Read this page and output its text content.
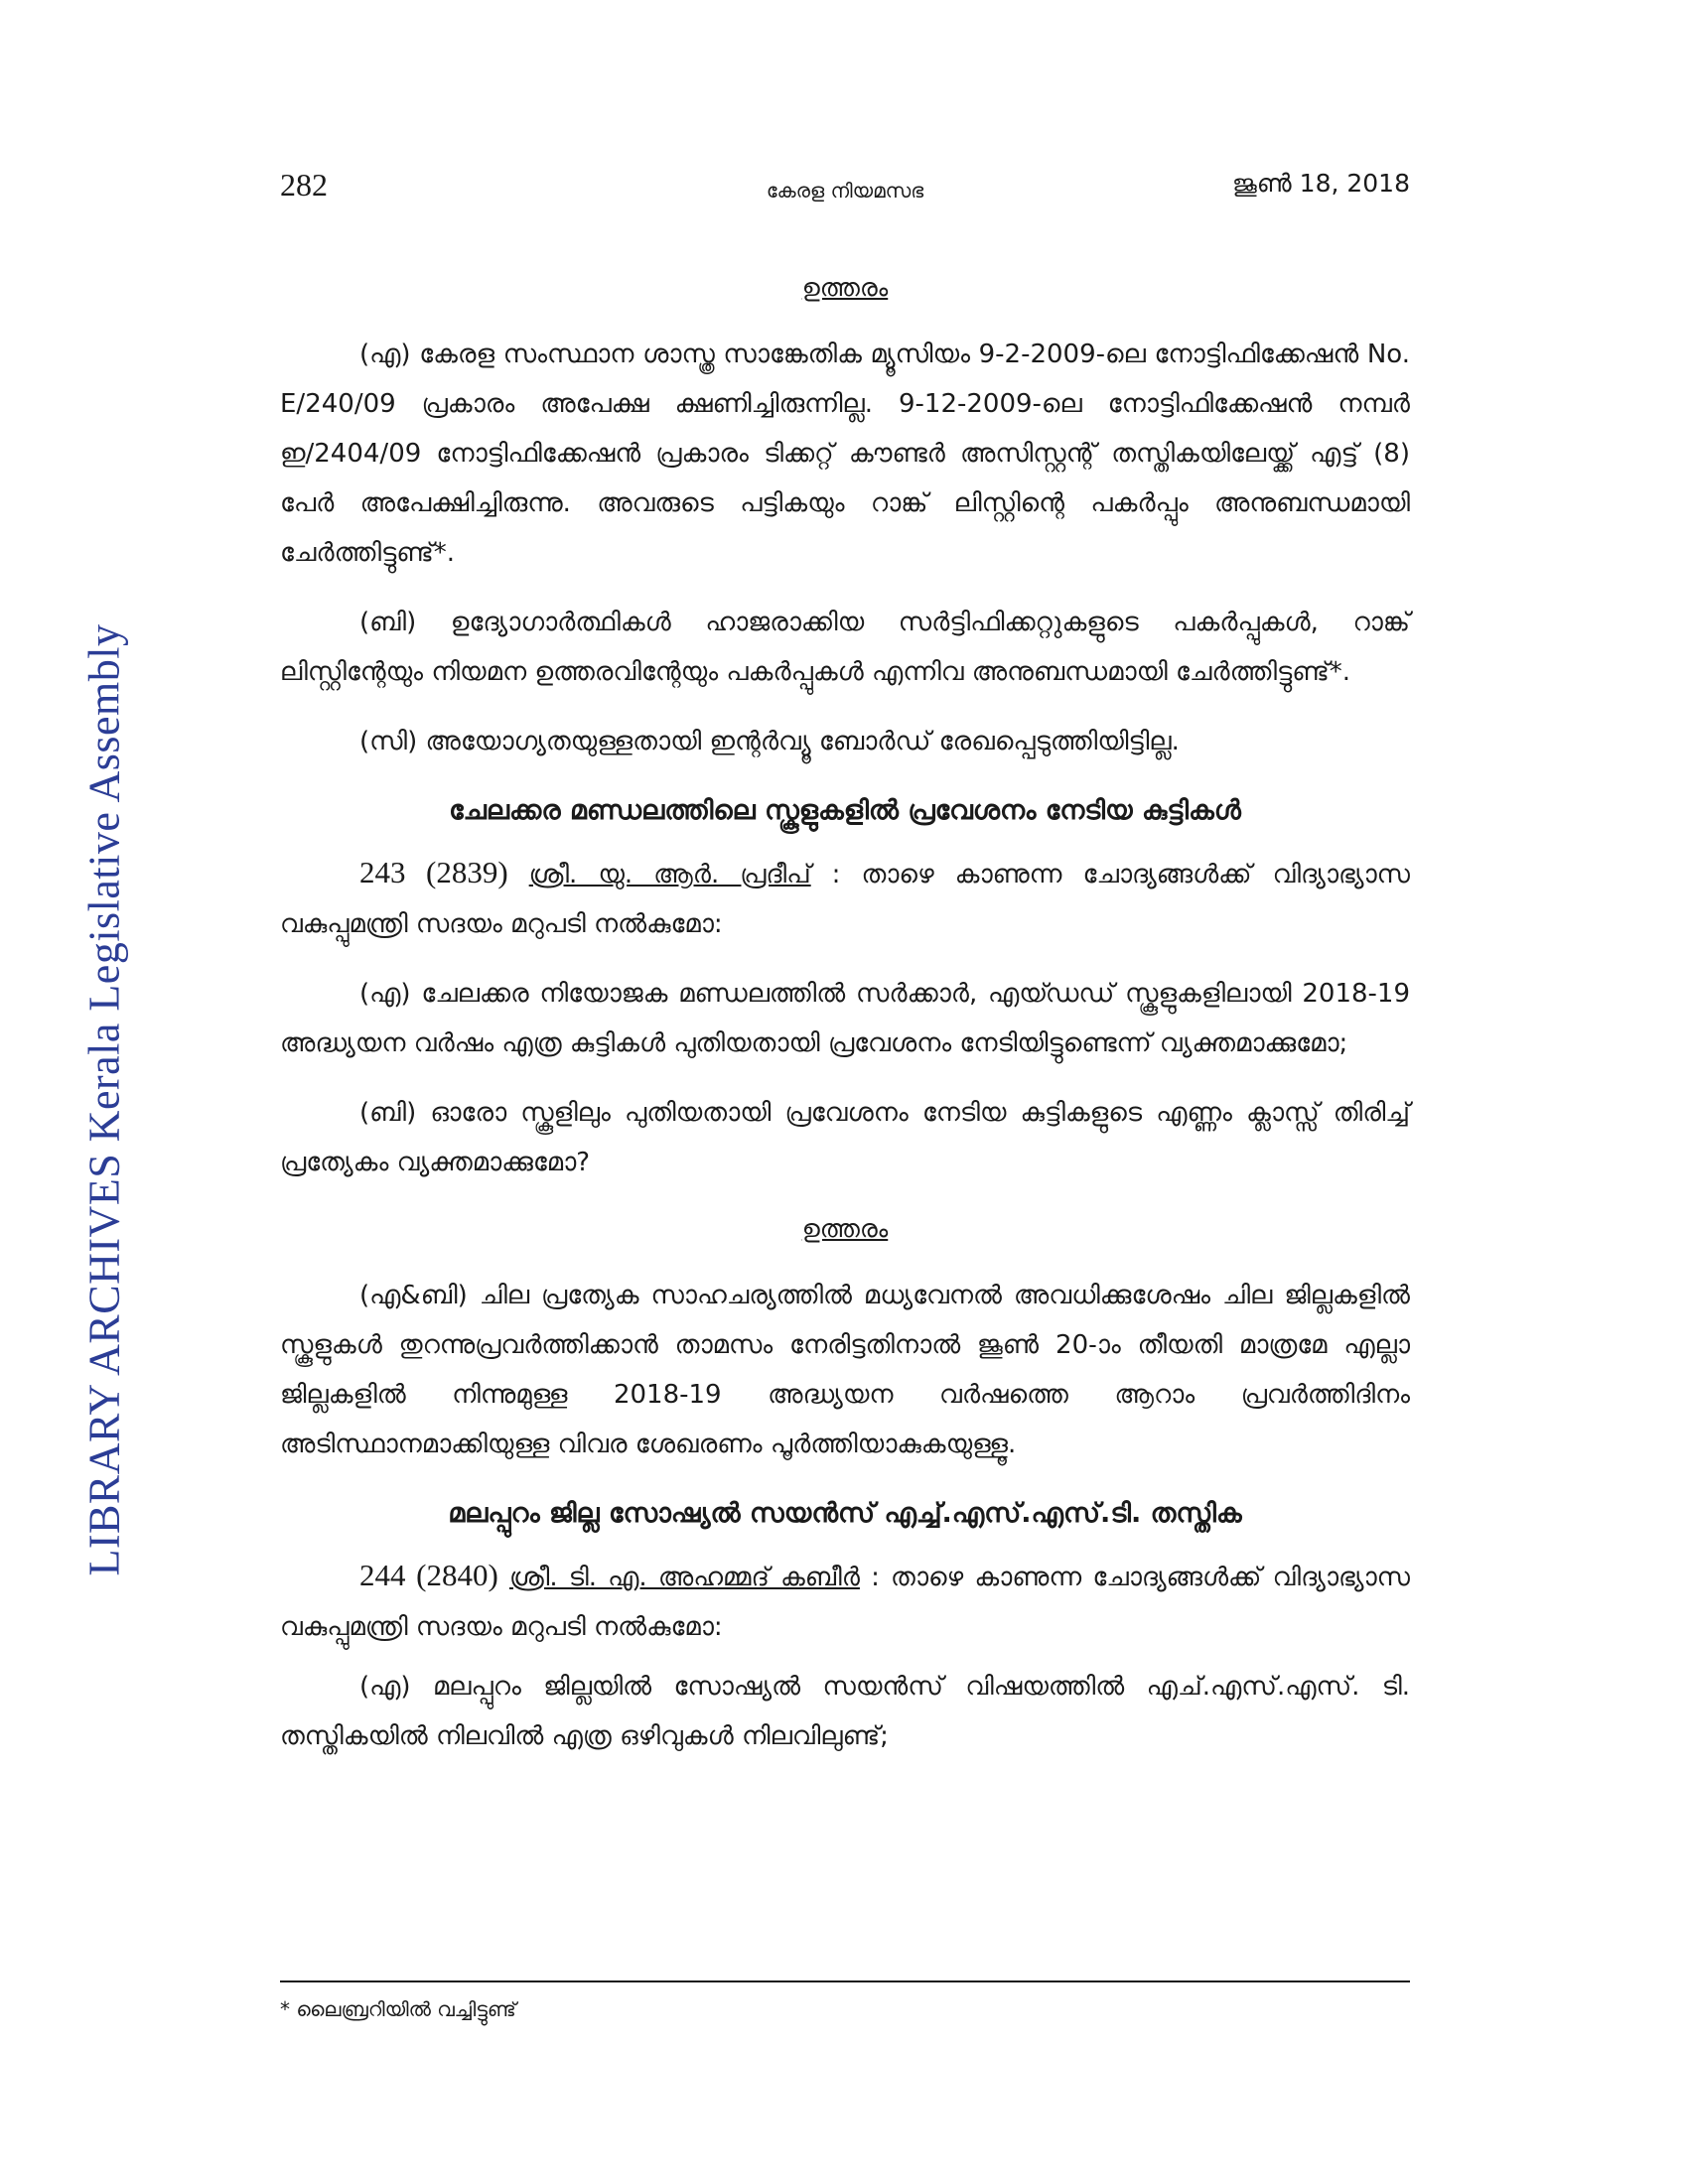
LIBRARY ARCHIVES Kerala Legislative Assembly
282	കേരള നിയമസഭ	ജൂൺ 18, 2018
ഉത്തരം

(എ) കേരള സംസ്ഥാന ശാസ്ത്ര സാങ്കേതിക മ്യൂസിയം 9-2-2009-ലെ നോട്ടിഫിക്കേഷൻ No. E/240/09 പ്രകാരം അപേക്ഷ ക്ഷണിച്ചിരുന്നില്ല. 9-12-2009-ലെ നോട്ടിഫിക്കേഷൻ നമ്പർ ഇ/2404/09 നോട്ടിഫിക്കേഷൻ പ്രകാരം ടിക്കറ്റ് കൗണ്ടർ അസിസ്റ്റന്റ് തസ്തികയിലേയ്ക്ക് എട്ട് (8) പേർ അപേക്ഷിച്ചിരുന്നു. അവരുടെ പട്ടികയും റാങ്ക് ലിസ്റ്റിന്റെ പകർപ്പും അനുബന്ധമായി ചേർത്തിട്ടുണ്ട്*.

(ബി) ഉദ്യോഗാർത്ഥികൾ ഹാജരാക്കിയ സർട്ടിഫിക്കറ്റുകളുടെ പകർപ്പുകൾ, റാങ്ക് ലിസ്റ്റിന്റേയും നിയമന ഉത്തരവിന്റേയും പകർപ്പുകൾ എന്നിവ അനുബന്ധമായി ചേർത്തിട്ടുണ്ട്*.

(സി) അയോഗ്യതയുള്ളതായി ഇന്റർവ്യൂ ബോർഡ് രേഖപ്പെടുത്തിയിട്ടില്ല.

ചേലക്കര മണ്ഡലത്തിലെ സ്കൂളുകളിൽ പ്രവേശനം നേടിയ കുട്ടികൾ

243 (2839) ശ്രീ. യു. ആർ. പ്രദീപ് : താഴെ കാണുന്ന ചോദ്യങ്ങൾക്ക് വിദ്യാഭ്യാസ വകുപ്പുമന്ത്രി സദയം മറുപടി നൽകുമോ:

(എ) ചേലക്കര നിയോജക മണ്ഡലത്തിൽ സർക്കാർ, എയ്ഡഡ് സ്കൂളുകളിലായി 2018-19 അദ്ധ്യയന വർഷം എത്ര കുട്ടികൾ പുതിയതായി പ്രവേശനം നേടിയിട്ടുണ്ടെന്ന് വ്യക്തമാക്കുമോ;

(ബി) ഓരോ സ്കൂളിലും പുതിയതായി പ്രവേശനം നേടിയ കുട്ടികളുടെ എണ്ണം ക്ലാസ്സ് തിരിച്ച് പ്രത്യേകം വ്യക്തമാക്കുമോ?

ഉത്തരം

(എ&ബി) ചില പ്രത്യേക സാഹചര്യത്തിൽ മധ്യവേനൽ അവധിക്കുശേഷം ചില ജില്ലകളിൽ സ്കൂളുകൾ തുറന്നുപ്രവർത്തിക്കാൻ താമസം നേരിട്ടതിനാൽ ജൂൺ 20-ാം തീയതി മാത്രമേ എല്ലാ ജില്ലകളിൽ നിന്നുമുള്ള 2018-19 അദ്ധ്യയന വർഷത്തെ ആറാം പ്രവർത്തിദിനം അടിസ്ഥാനമാക്കിയുള്ള വിവര ശേഖരണം പൂർത്തിയാകുകയുള്ളൂ.

മലപ്പുറം ജില്ല സോഷ്യൽ സയൻസ് എച്ച്.എസ്.എസ്.ടി. തസ്തിക

244 (2840) ശ്രീ. ടി. എ. അഹമ്മദ് കബീർ : താഴെ കാണുന്ന ചോദ്യങ്ങൾക്ക് വിദ്യാഭ്യാസ വകുപ്പുമന്ത്രി സദയം മറുപടി നൽകുമോ:

(എ) മലപ്പുറം ജില്ലയിൽ സോഷ്യൽ സയൻസ് വിഷയത്തിൽ എച്.എസ്.എസ്. ടി. തസ്തികയിൽ നിലവിൽ എത്ര ഒഴിവുകൾ നിലവിലുണ്ട്;

* ലൈബ്രറിയിൽ വച്ചിട്ടുണ്ട്
